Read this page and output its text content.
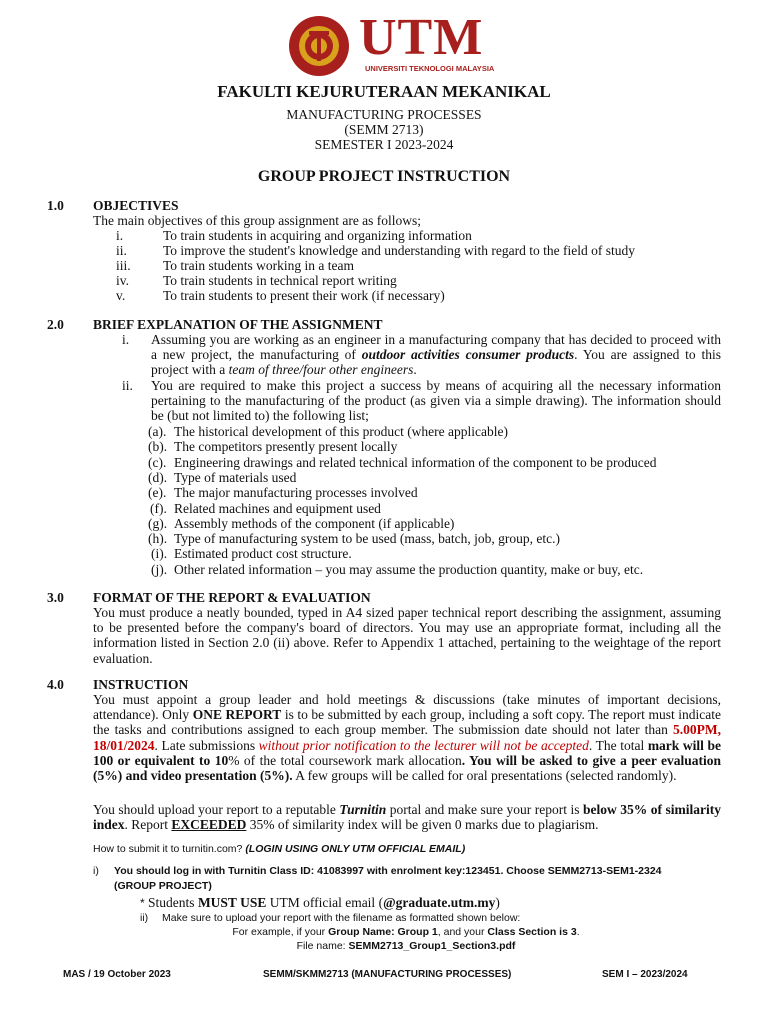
UTM
UNIVERSITI TEKNOLOGI MALAYSIA
FAKULTI KEJURUTERAAN MEKANIKAL
MANUFACTURING PROCESSES
(SEMM 2713)
SEMESTER I 2023-2024
GROUP PROJECT INSTRUCTION
1.0 OBJECTIVES
The main objectives of this group assignment are as follows;
i.	To train students in acquiring and organizing information
ii.	To improve the student's knowledge and understanding with regard to the field of study
iii. To train students working in a team
iv.	To train students in technical report writing
v.	To train students to present their work (if necessary)
2.0 BRIEF EXPLANATION OF THE ASSIGNMENT
i. Assuming you are working as an engineer in a manufacturing company that has decided to proceed with a new project, the manufacturing of outdoor activities consumer products. You are assigned to this project with a team of three/four other engineers.
ii. You are required to make this project a success by means of acquiring all the necessary information pertaining to the manufacturing of the product (as given via a simple drawing). The information should be (but not limited to) the following list;
(a). The historical development of this product (where applicable)
(b). The competitors presently present locally
(c). Engineering drawings and related technical information of the component to be produced
(d). Type of materials used
(e). The major manufacturing processes involved
(f). Related machines and equipment used
(g). Assembly methods of the component (if applicable)
(h). Type of manufacturing system to be used (mass, batch, job, group, etc.)
(i). Estimated product cost structure.
(j). Other related information – you may assume the production quantity, make or buy, etc.
3.0 FORMAT OF THE REPORT & EVALUATION
You must produce a neatly bounded, typed in A4 sized paper technical report describing the assignment, assuming to be presented before the company's board of directors. You may use an appropriate format, including all the information listed in Section 2.0 (ii) above. Refer to Appendix 1 attached, pertaining to the weightage of the report evaluation.
4.0 INSTRUCTION
You must appoint a group leader and hold meetings & discussions (take minutes of important decisions, attendance). Only ONE REPORT is to be submitted by each group, including a soft copy. The report must indicate the tasks and contributions assigned to each group member. The submission date should not later than 5.00PM, 18/01/2024. Late submissions without prior notification to the lecturer will not be accepted. The total mark will be 100 or equivalent to 10% of the total coursework mark allocation. You will be asked to give a peer evaluation (5%) and video presentation (5%). A few groups will be called for oral presentations (selected randomly).
You should upload your report to a reputable Turnitin portal and make sure your report is below 35% of similarity index. Report EXCEEDED 35% of similarity index will be given 0 marks due to plagiarism.
How to submit it to turnitin.com? (LOGIN USING ONLY UTM OFFICIAL EMAIL)
i) You should log in with Turnitin Class ID: 41083997 with enrolment key:123451. Choose SEMM2713-SEM1-2324
(GROUP PROJECT)
* Students MUST USE UTM official email (@graduate.utm.my)
ii) Make sure to upload your report with the filename as formatted shown below:
For example, if your Group Name: Group 1, and your Class Section is 3.
File name: SEMM2713_Group1_Section3.pdf
MAS / 19 October 2023	SEMM/SKMM2713 (MANUFACTURING PROCESSES)	SEM I – 2023/2024
